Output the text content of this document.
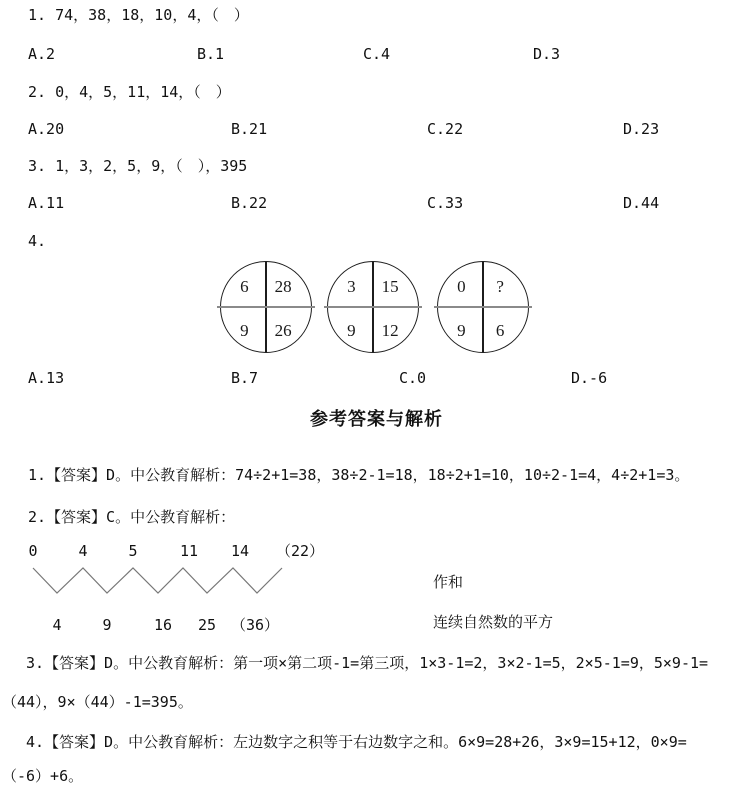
1. 74，38，18，10，4，（　）
A.2	B.1	C.4	D.3
2. 0，4，5，11，14，（　）
A.20	B.21	C.22	D.23
3. 1，3，2，5，9，（　），395
A.11	B.22	C.33	D.44
4.
6 28
9 26
3 15
9 12
0 ?
9 6
A.13	B.7	C.0	D.-6
参考答案与解析
1.【答案】D。中公教育解析：74÷2+1=38，38÷2-1=18，18÷2+1=10，10÷2-1=4，4÷2+1=3。
2.【答案】C。中公教育解析：
0	4	5	11 14 （22）
4	9	16 25 （36）
作和
连续自然数的平方
3.【答案】D。中公教育解析：第一项×第二项-1=第三项，1×3-1=2，3×2-1=5，2×5-1=9，5×9-1=
（44），9×（44）-1=395。
4.【答案】D。中公教育解析：左边数字之积等于右边数字之和。6×9=28+26，3×9=15+12，0×9=
（-6）+6。
